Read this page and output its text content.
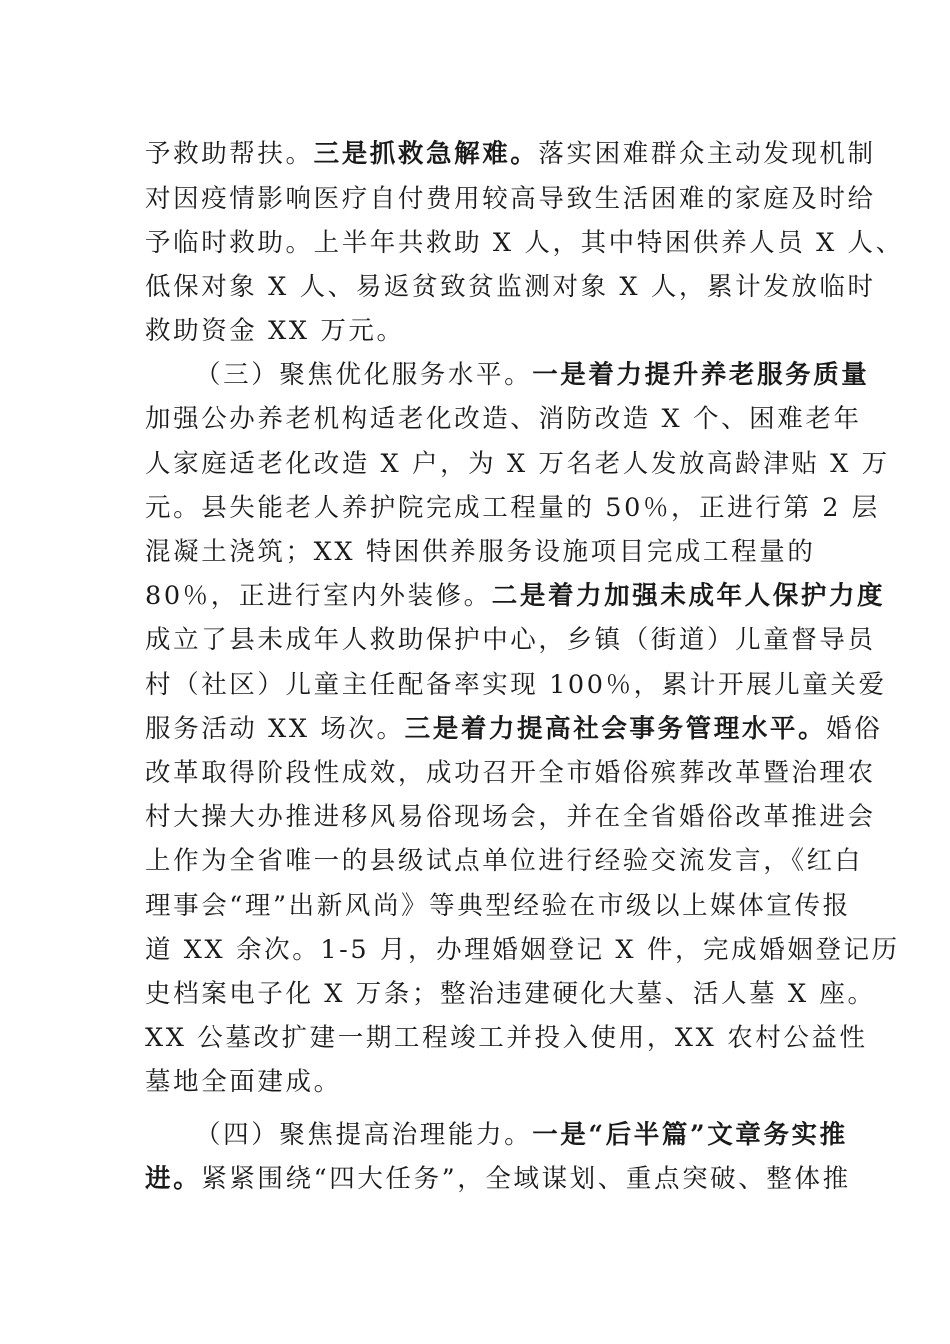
予救助帮扶。三是抓救急解难。落实困难群众主动发现机制
对因疫情影响医疗自付费用较高导致生活困难的家庭及时给
予临时救助。上半年共救助 X 人，其中特困供养人员 X 人、
低保对象 X 人、易返贫致贫监测对象 X 人，累计发放临时
救助资金 XX 万元。
（三）聚焦优化服务水平。一是着力提升养老服务质量
加强公办养老机构适老化改造、消防改造 X 个、困难老年
人家庭适老化改造 X 户，为 X 万名老人发放高龄津贴 X 万
元。县失能老人养护院完成工程量的 50％，正进行第 2 层
混凝土浇筑；XX 特困供养服务设施项目完成工程量的
80％，正进行室内外装修。二是着力加强未成年人保护力度
成立了县未成年人救助保护中心，乡镇（街道）儿童督导员
村（社区）儿童主任配备率实现 100％，累计开展儿童关爱
服务活动 XX 场次。三是着力提高社会事务管理水平。婚俗
改革取得阶段性成效，成功召开全市婚俗殡葬改革暨治理农
村大操大办推进移风易俗现场会，并在全省婚俗改革推进会
上作为全省唯一的县级试点单位进行经验交流发言，《红白
理事会“理”出新风尚》等典型经验在市级以上媒体宣传报
道 XX 余次。1-5 月，办理婚姻登记 X 件，完成婚姻登记历
史档案电子化 X 万条；整治违建硬化大墓、活人墓 X 座。
XX 公墓改扩建一期工程竣工并投入使用，XX 农村公益性
墓地全面建成。
（四）聚焦提高治理能力。一是“后半篇”文章务实推
进。紧紧围绕“四大任务”，全域谋划、重点突破、整体推
